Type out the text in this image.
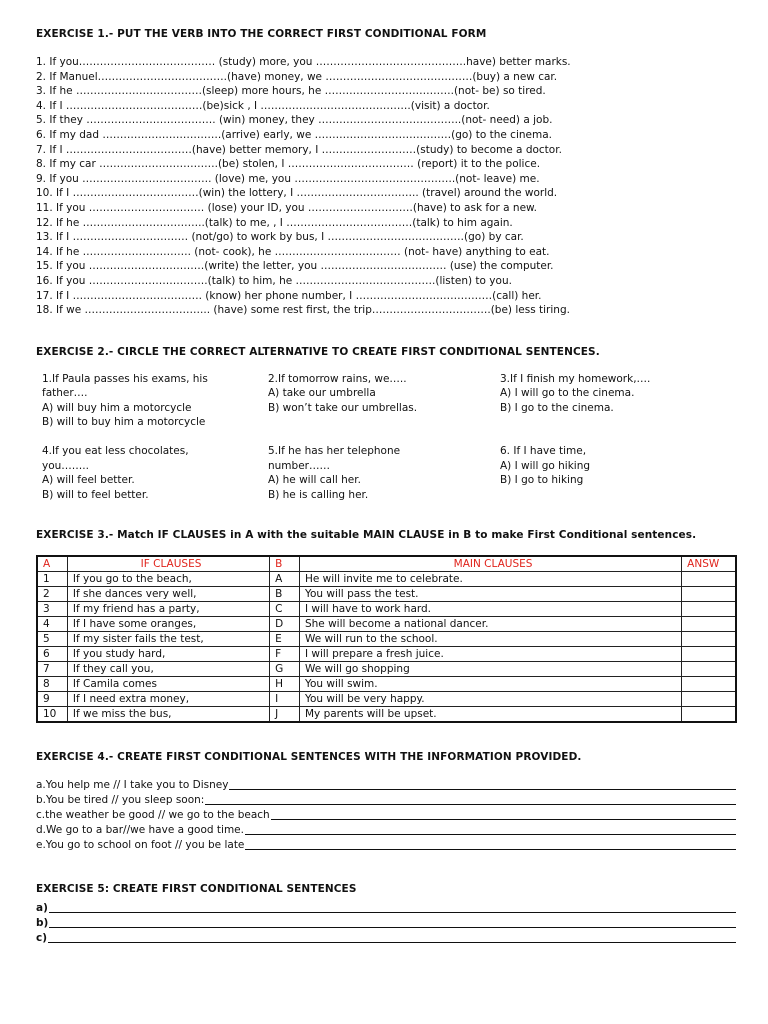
EXERCISE 1.- PUT THE VERB INTO THE CORRECT FIRST CONDITIONAL FORM
1. If you………………………………… (study) more, you …………………………………….have) better marks.
2. If Manuel……………………………….(have) money, we ……………………………………(buy) a new car.
3. If he ………………………………(sleep) more hours, he ……………………………….(not- be) so tired.
4. If I …………………………………(be)sick , I …………………………………….(visit) a doctor.
5. If they ………………………………. (win) money, they …………………………………..(not- need) a job.
6. If my dad …………………………….(arrive) early, we …………………………………(go) to the cinema.
7. If I ………………………………(have) better memory, I ………………………(study) to become a doctor.
8. If my car …………………………….(be) stolen, I ……………………………… (report) it to the police.
9. If you ………………………………. (love) me, you ……………………………………….(not- leave) me.
10. If I ………………………………(win) the lottery, I …………………………….. (travel) around the world.
11. If you …………………………… (lose) your ID, you …………………………(have) to ask for a new.
12. If he ……………………………..(talk) to me, , I ………………………………(talk) to him again.
13. If I …………………………… (not/go) to work by bus, I …………………………………(go) by car.
14. If he …………………………. (not- cook), he ……………………………… (not- have) anything to eat.
15. If you ……………………………(write) the letter, you ……………………………… (use) the computer.
16. If you …………………………….(talk) to him, he ………………………………….(listen) to you.
17. If I ………………………………. (know) her phone number, I …………………………………(call) her.
18. If we ……………………………... (have) some rest first, the trip…………………………….(be) less tiring.
EXERCISE 2.- CIRCLE THE CORRECT ALTERNATIVE TO CREATE FIRST CONDITIONAL SENTENCES.
1.If Paula passes his exams, his
father….
A) will buy him a motorcycle
B) will to buy him a motorcycle
2.If tomorrow rains, we…..
A) take our umbrella
B) won’t take our umbrellas.
3.If I finish my homework,….
A) I will go to the cinema.
B) I go to the cinema.
4.If you eat less chocolates,
you……..
A) will feel better.
B) will to feel better.
5.If he has her telephone
number……
A) he will call her.
B) he is calling her.
6. If I have time,
A) I will go hiking
B) I go to hiking
EXERCISE 3.- Match IF CLAUSES in A with the suitable MAIN CLAUSE in B to make First Conditional sentences.
A	IF CLAUSES	B	MAIN CLAUSES	ANSW
1	If you go to the beach,	A	He will invite me to celebrate.	
2	If she dances very well,	B	You will pass the test.	
3	If my friend has a party,	C	I will have to work hard.	
4	If I have some oranges,	D	She will become a national dancer.	
5	If my sister fails the test,	E	We will run to the school.	
6	If you study hard,	F	I will prepare a fresh juice.	
7	If they call you,	G	We will go shopping	
8	If Camila comes	H	You will swim.	
9	If I need extra money,	I	You will be very happy.	
10	If we miss the bus,	J	My parents will be upset.	
EXERCISE 4.- CREATE FIRST CONDITIONAL SENTENCES WITH THE INFORMATION PROVIDED.
a.You help me // I take you to Disney
b.You be tired // you sleep soon:
c.the weather be good // we go to the beach
d.We go to a bar//we have a good time.
e.You go to school on foot // you be late
EXERCISE 5: CREATE FIRST CONDITIONAL SENTENCES
a)
b)
c)
